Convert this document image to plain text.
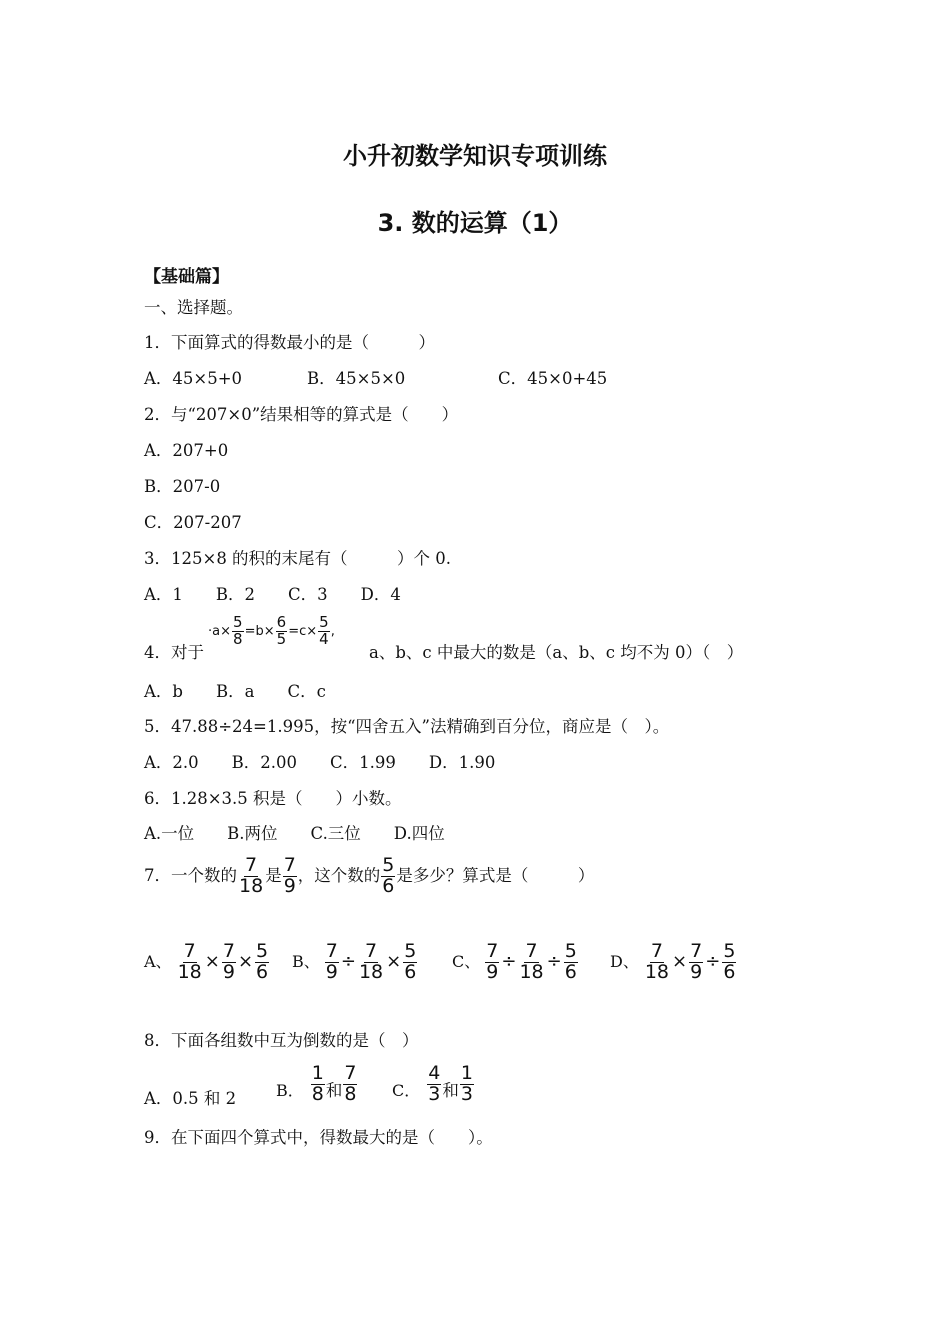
小升初数学知识专项训练
3. 数的运算（1）
【基础篇】
一、选择题。
1．下面算式的得数最小的是（　　　）
A．45×5+0	B．45×5×0	C．45×0+45
2．与“207×0”结果相等的算式是（　　）
A．207+0
B．207-0
C．207-207
3．125×8 的积的末尾有（　　　）个 0.
A．1　　B．2　　C．3　　D．4
4．对于
· $a \times \frac{5}{8} = b \times \frac{6}{5} = c \times \frac{5}{4}$ ,
a、b、c 中最大的数是（a、b、c 均不为 0）（　）
A．b　　B．a　　C．c
5．47.88÷24=1.995，按“四舍五入”法精确到百分位，商应是（　）。
A．2.0　　B．2.00　　C．1.99　　D．1.90
6．1.28×3.5 积是（　　）小数。
A.一位　　B.两位　　C.三位　　D.四位
7．一个数的 $\frac{7}{18}$ 是 $\frac{7}{9}$ ，这个数的 $\frac{5}{6}$ 是多少？算式是（　　　）
A、 $\frac{7}{18} \times \frac{7}{9} \times \frac{5}{6}$ B、 $\frac{7}{9} \div \frac{7}{18} \times \frac{5}{6}$ C、 $\frac{7}{9} \div \frac{7}{18} \div \frac{5}{6}$ D、 $\frac{7}{18} \times \frac{7}{9} \div \frac{5}{6}$
8．下面各组数中互为倒数的是（　）
A．0.5 和 2 B． $\frac{1}{8}$ 和 $\frac{7}{8}$ C． $\frac{4}{3}$ 和 $\frac{1}{3}$
9．在下面四个算式中，得数最大的是（　　）。
